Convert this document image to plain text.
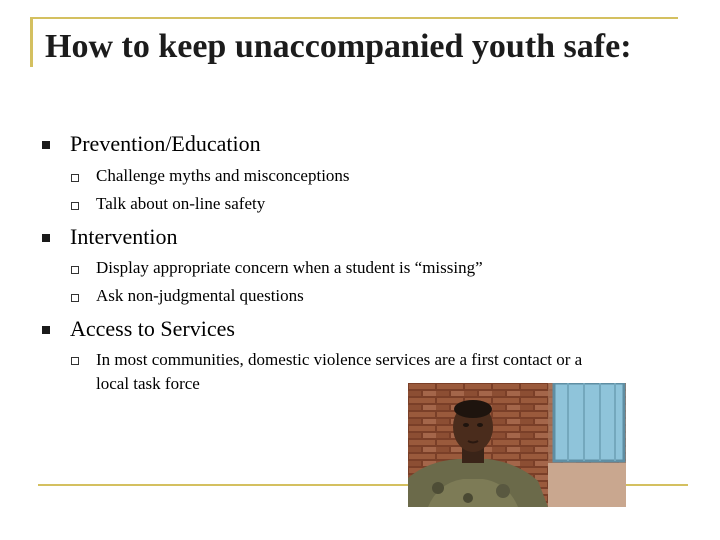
How to keep unaccompanied youth safe:
Prevention/Education
Challenge myths and misconceptions
Talk about on-line safety
Intervention
Display appropriate concern when a student is “missing”
Ask non-judgmental questions
Access to Services
In most communities, domestic violence services are a first contact or a
local task force
